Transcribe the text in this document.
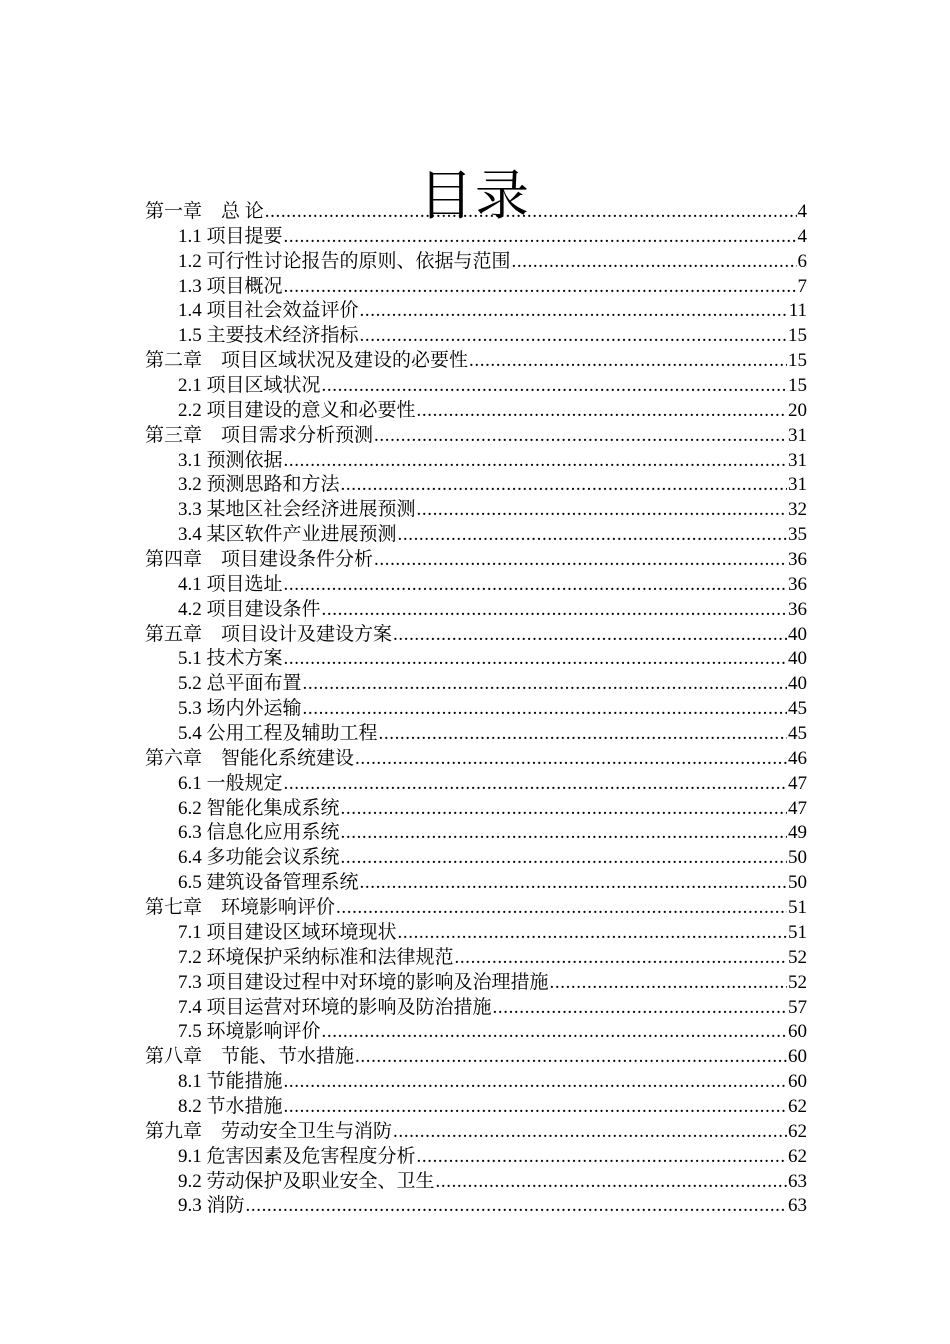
目录
第一章　总 论 .....	4
1.1 项目提要 .....	4
1.2 可行性讨论报告的原则、依据与范围 .....	6
1.3 项目概况 .....	7
1.4 项目社会效益评价 .....	11
1.5 主要技术经济指标 .....	15
第二章　项目区域状况及建设的必要性 .....	15
2.1 项目区域状况 .....	15
2.2 项目建设的意义和必要性 .....	20
第三章　项目需求分析预测 .....	31
3.1 预测依据 .....	31
3.2 预测思路和方法 .....	31
3.3 某地区社会经济进展预测 .....	32
3.4 某区软件产业进展预测 .....	35
第四章　项目建设条件分析 .....	36
4.1 项目选址 .....	36
4.2 项目建设条件 .....	36
第五章　项目设计及建设方案 .....	40
5.1 技术方案 .....	40
5.2 总平面布置 .....	40
5.3 场内外运输 .....	45
5.4 公用工程及辅助工程 .....	45
第六章　智能化系统建设 .....	46
6.1 一般规定 .....	47
6.2 智能化集成系统 .....	47
6.3 信息化应用系统 .....	49
6.4 多功能会议系统 .....	50
6.5 建筑设备管理系统 .....	50
第七章　环境影响评价 .....	51
7.1 项目建设区域环境现状 .....	51
7.2 环境保护采纳标准和法律规范 .....	52
7.3 项目建设过程中对环境的影响及治理措施 .....	52
7.4 项目运营对环境的影响及防治措施 .....	57
7.5 环境影响评价 .....	60
第八章　节能、节水措施 .....	60
8.1 节能措施 .....	60
8.2 节水措施 .....	62
第九章　劳动安全卫生与消防 .....	62
9.1 危害因素及危害程度分析 .....	62
9.2 劳动保护及职业安全、卫生 .....	63
9.3 消防 .....	63
